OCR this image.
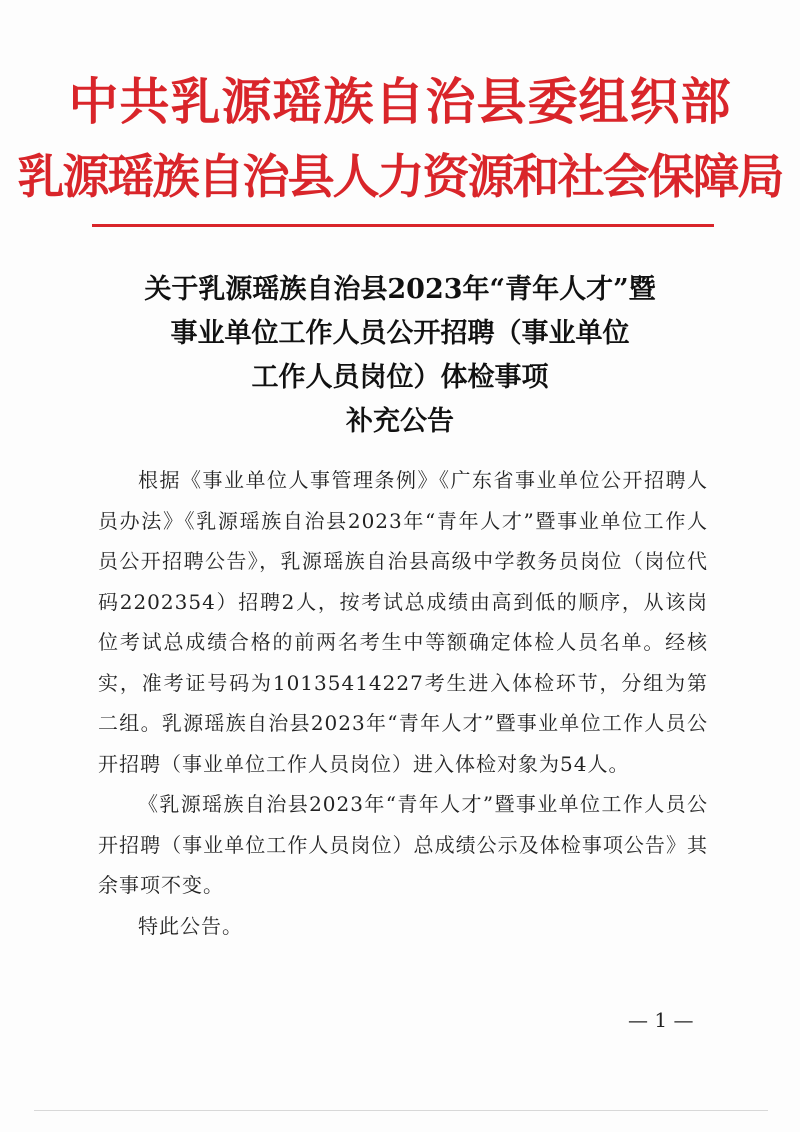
中共乳源瑶族自治县委组织部
乳源瑶族自治县人力资源和社会保障局
关于乳源瑶族自治县2023年“青年人才”暨
事业单位工作人员公开招聘（事业单位
工作人员岗位）体检事项
补充公告

根据《事业单位人事管理条例》《广东省事业单位公开招聘人员办法》《乳源瑶族自治县2023年“青年人才”暨事业单位工作人员公开招聘公告》，乳源瑶族自治县高级中学教务员岗位（岗位代码2202354）招聘2人，按考试总成绩由高到低的顺序，从该岗位考试总成绩合格的前两名考生中等额确定体检人员名单。经核实，准考证号码为10135414227考生进入体检环节，分组为第二组。乳源瑶族自治县2023年“青年人才”暨事业单位工作人员公开招聘（事业单位工作人员岗位）进入体检对象为54人。

《乳源瑶族自治县2023年“青年人才”暨事业单位工作人员公开招聘（事业单位工作人员岗位）总成绩公示及体检事项公告》其余事项不变。

特此公告。

— 1 —
